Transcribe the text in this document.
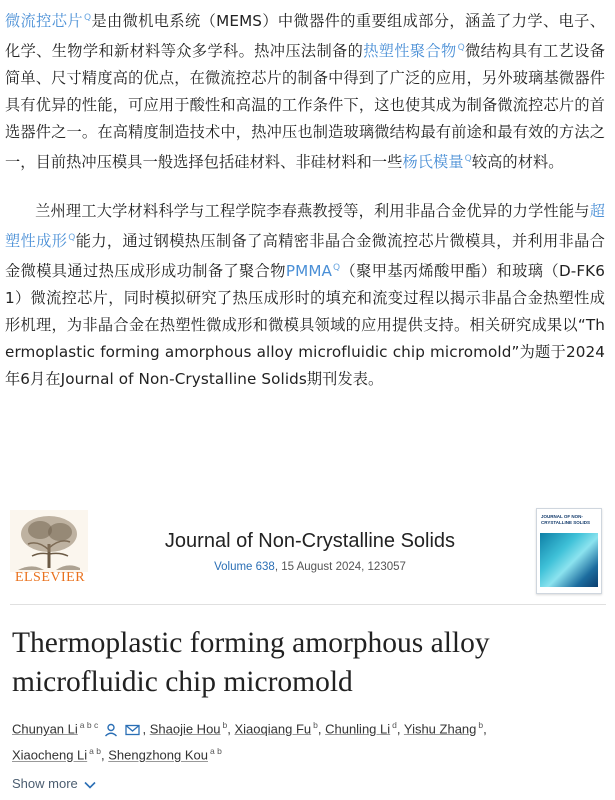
微流控芯片$^Q$是由微机电系统（MEMS）中微器件的重要组成部分，涵盖了力学、电子、化学、生物学和新材料等众多学科。热冲压法制备的热塑性聚合物$^Q$微结构具有工艺设备简单、尺寸精度高的优点，在微流控芯片的制备中得到了广泛的应用，另外玻璃基微器件具有优异的性能，可应用于酸性和高温的工作条件下，这也使其成为制备微流控芯片的首选器件之一。在高精度制造技术中，热冲压也制造玻璃微结构最有前途和最有效的方法之一，目前热冲压模具一般选择包括硅材料、非硅材料和一些杨氏模量$^Q$较高的材料。

兰州理工大学材料科学与工程学院李春燕教授等，利用非晶合金优异的力学性能与超塑性成形$^Q$能力，通过钢模热压制备了高精密非晶合金微流控芯片微模具，并利用非晶合金微模具通过热压成形成功制备了聚合物$PMMA^Q$（聚甲基丙烯酸甲酯）和玻璃（D-FK61）微流控芯片，同时模拟研究了热压成形时的填充和流变过程以揭示非晶合金热塑性成形机理，为非晶合金在热塑性微成形和微模具领域的应用提供支持。相关研究成果以“Thermoplastic forming amorphous alloy microfluidic chip micromold”为题于2024年6月在Journal of Non-Crystalline Solids期刊发表。

ELSEVIER
Journal of Non-Crystalline Solids
Volume 638, 15 August 2024, 123057
JOURNAL OF NON-CRYSTALLINE SOLIDS
Thermoplastic forming amorphous alloy microfluidic chip micromold
Chunyan Li $^{a b c}$	, Shaojie Hou $^b$, Xiaoqiang Fu $^b$, Chunling Li $^d$, Yishu Zhang $^b$,
Xiaocheng Li $^{a b}$, Shengzhong Kou $^{a b}$
Show more
